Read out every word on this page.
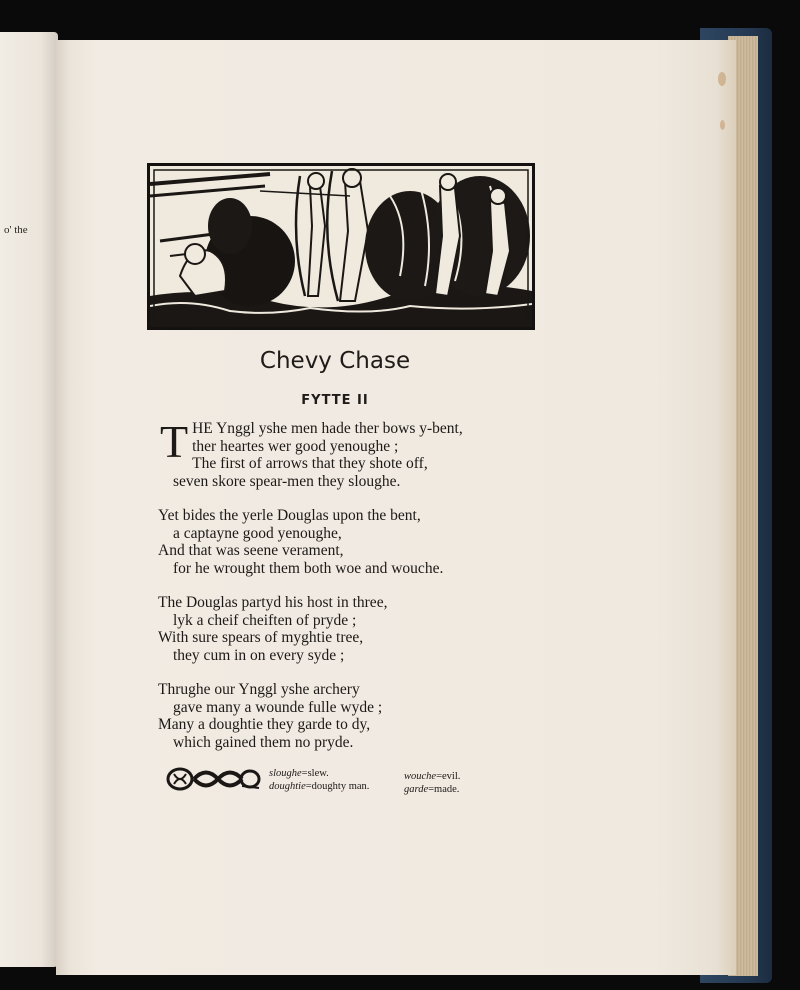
o' the
Chevy Chase
FYTTE II
THE Ynggl yshe men hade ther bows y-bent,
ther heartes wer good yenoughe ;
The first of arrows that they shote off,
seven skore spear-men they sloughe.
Yet bides the yerle Douglas upon the bent,
a captayne good yenoughe,
And that was seene verament,
for he wrought them both woe and wouche.
The Douglas partyd his host in three,
lyk a cheif cheiften of pryde ;
With sure spears of myghtie tree,
they cum in on every syde ;
Thrughe our Ynggl yshe archery
gave many a wounde fulle wyde ;
Many a doughtie they garde to dy,
which gained them no pryde.
sloughe=slew.
doughtie=doughty man.
wouche=evil.
garde=made.
